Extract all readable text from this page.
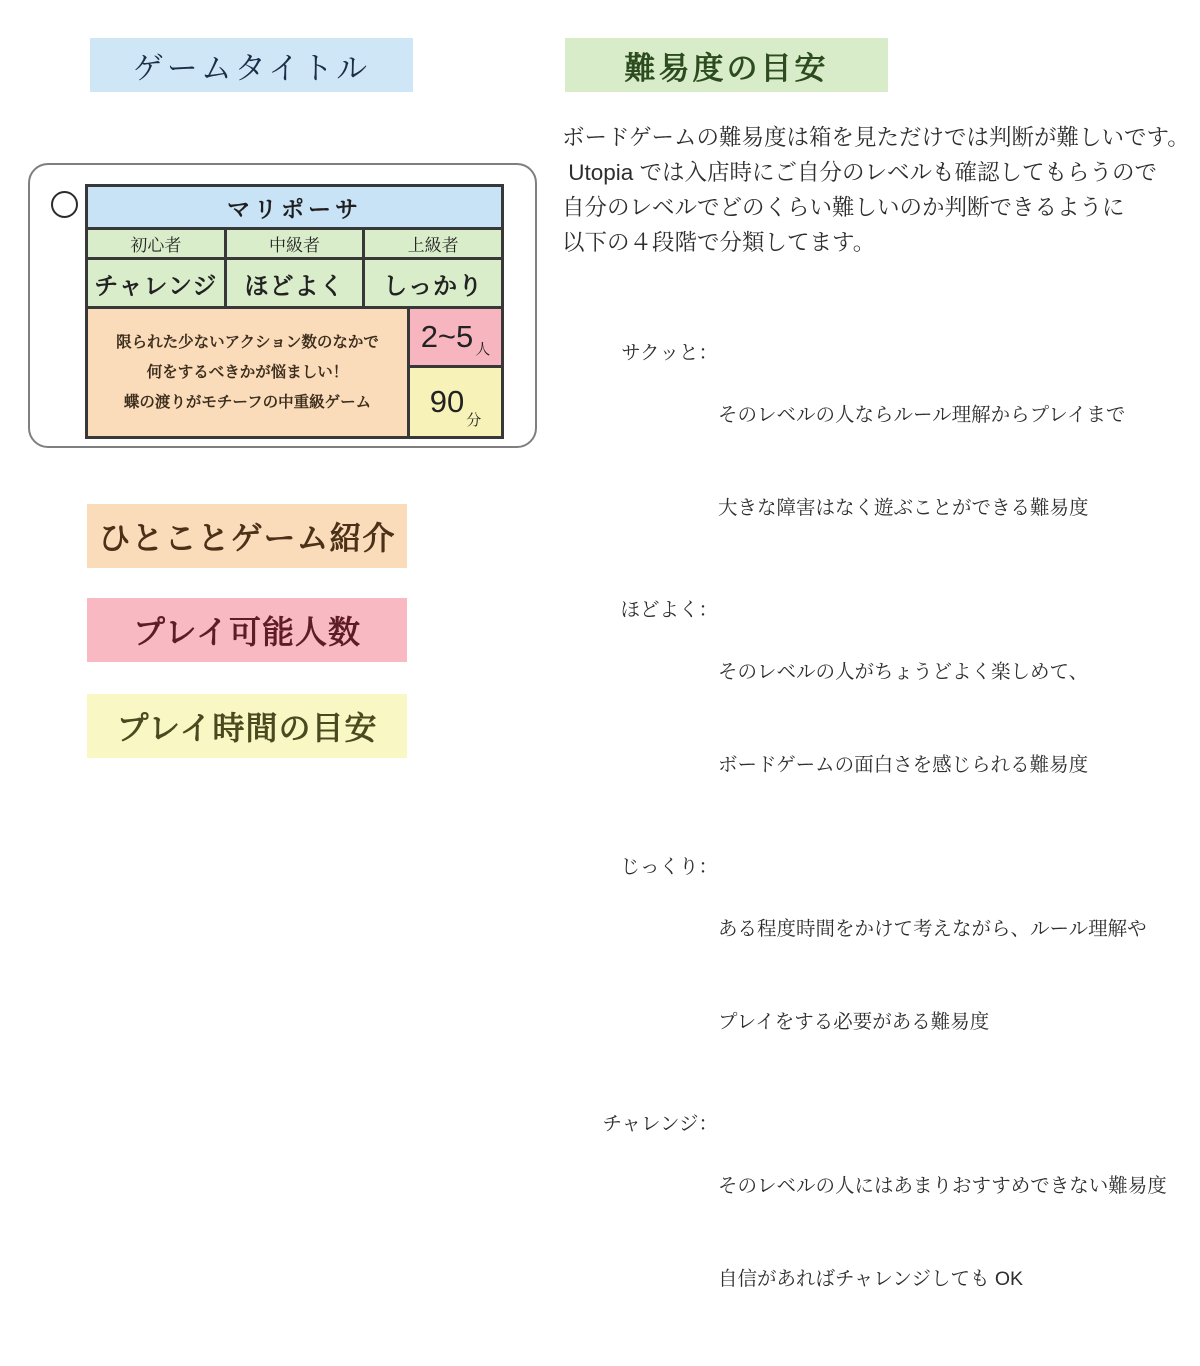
ゲームタイトル	難易度の目安
マリポーサ
初心者	中級者	上級者
チャレンジ	ほどよく	しっかり
限られた少ないアクション数のなかで
何をするべきかが悩ましい！
蝶の渡りがモチーフの中重級ゲーム
2~5 人
90
分
ひとことゲーム紹介
プレイ可能人数
プレイ時間の目安
ボードゲームの難易度は箱を見ただけでは判断が難しいです。
Utopia では入店時にご自分のレベルも確認してもらうので
自分のレベルでどのくらい難しいのか判断できるように
以下の４段階で分類してます。
サクッと：

そのレベルの人ならルール理解からプレイまで

大きな障害はなく遊ぶことができる難易度

ほどよく：

そのレベルの人がちょうどよく楽しめて、

ボードゲームの面白さを感じられる難易度

じっくり：

ある程度時間をかけて考えながら、ルール理解や

プレイをする必要がある難易度

チャレンジ：

そのレベルの人にはあまりおすすめできない難易度

自信があればチャレンジしても OK
